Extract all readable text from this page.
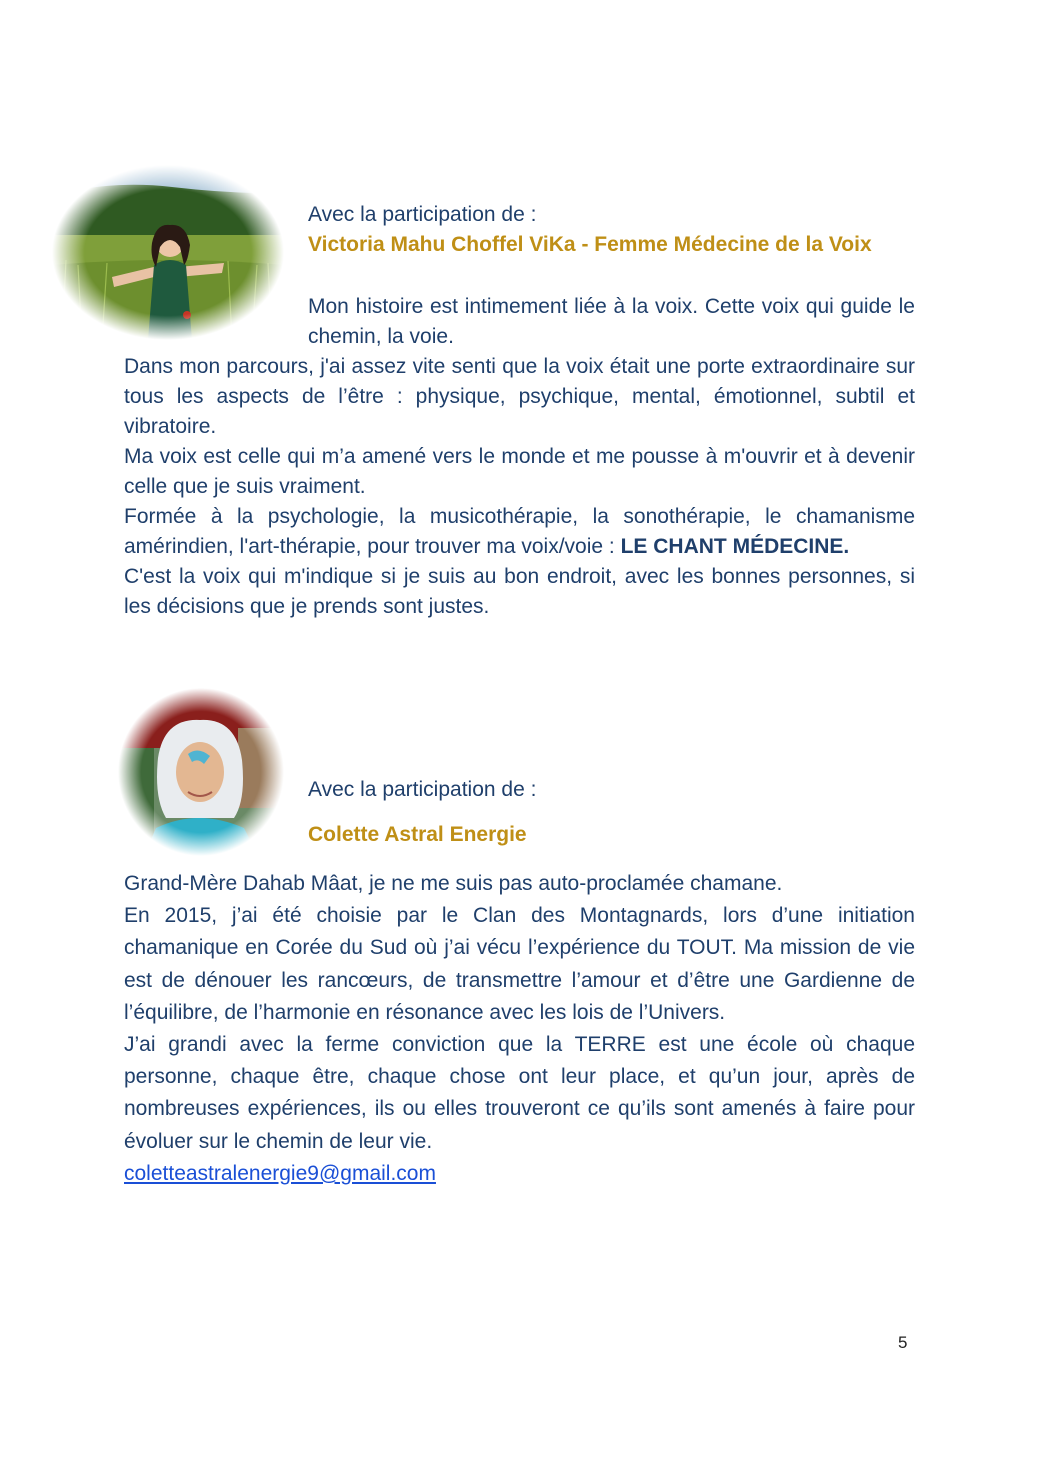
Avec la participation de :
Victoria Mahu Choffel ViKa - Femme Médecine de la Voix

Mon histoire est intimement liée à la voix. Cette voix qui guide le chemin, la voie.

Dans mon parcours, j'ai assez vite senti que la voix était une porte extraordinaire sur tous les aspects de l’être : physique, psychique, mental, émotionnel, subtil et vibratoire.

Ma voix est celle qui m’a amené vers le monde et me pousse à m'ouvrir et à devenir celle que je suis vraiment.

Formée à la psychologie, la musicothérapie, la sonothérapie, le chamanisme amérindien, l'art-thérapie, pour trouver ma voix/voie : LE CHANT MÉDECINE.

C'est la voix qui m'indique si je suis au bon endroit, avec les bonnes personnes, si les décisions que je prends sont justes.

Avec la participation de :
Colette Astral Energie

Grand-Mère Dahab Mâat, je ne me suis pas auto-proclamée chamane.

En 2015, j’ai été choisie par le Clan des Montagnards, lors d’une initiation chamanique en Corée du Sud où j’ai vécu l’expérience du TOUT. Ma mission de vie est de dénouer les rancœurs, de transmettre l’amour et d’être une Gardienne de l’équilibre, de l’harmonie en résonance avec les lois de l’Univers.

J’ai grandi avec la ferme conviction que la TERRE est une école où chaque personne, chaque être, chaque chose ont leur place, et qu’un jour, après de nombreuses expériences, ils ou elles trouveront ce qu’ils sont amenés à faire pour évoluer sur le chemin de leur vie.

coletteastralenergie9@gmail.com
5
